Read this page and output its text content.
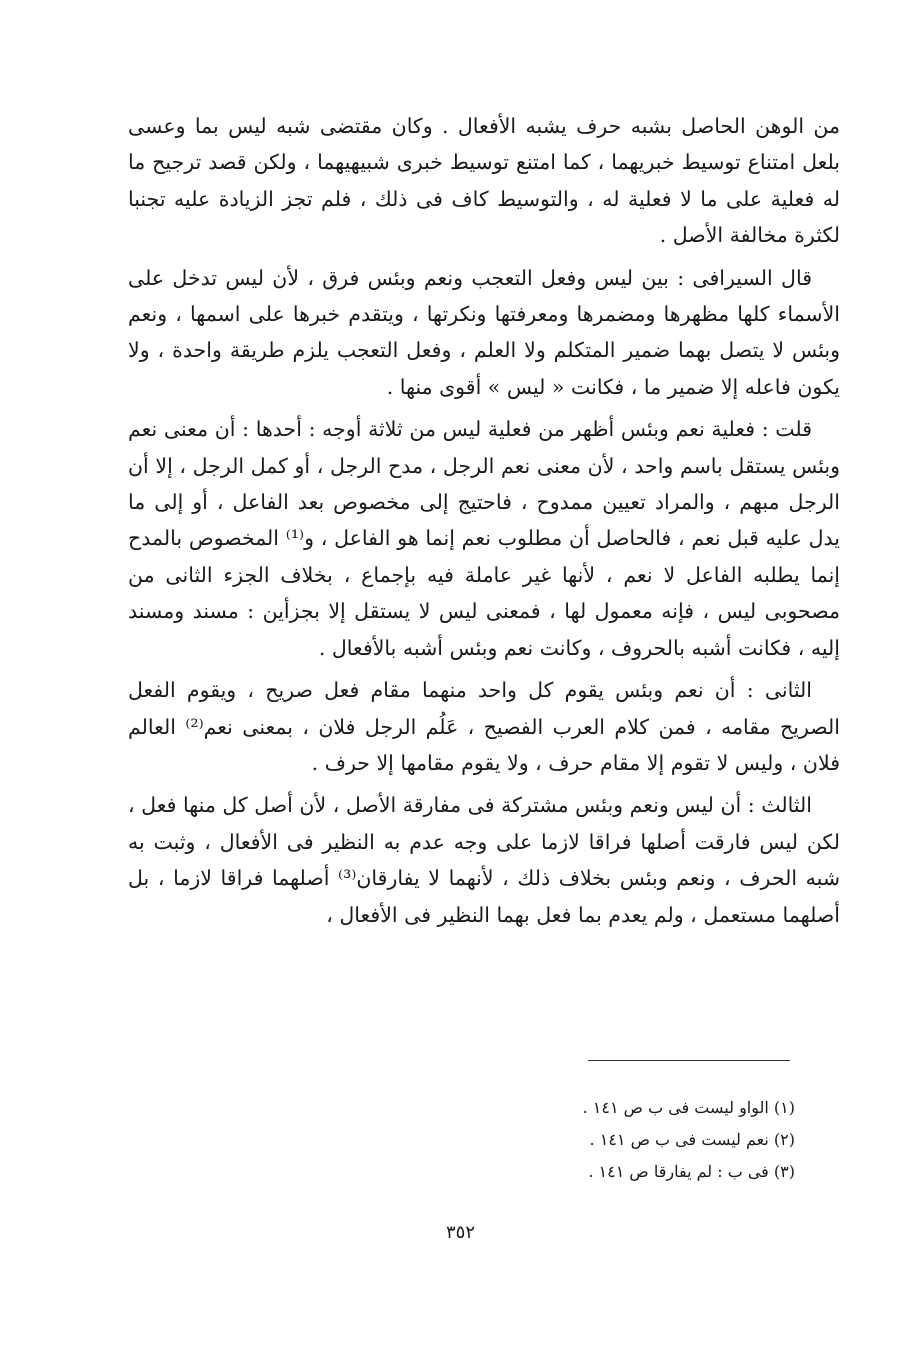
من الوهن الحاصل بشبه حرف يشبه الأفعال . وكان مقتضى شبه ليس بما وعسى بلعل امتناع توسيط خبريهما ، كما امتنع توسيط خبرى شبيهيهما ، ولكن قصد ترجيح ما له فعلية على ما لا فعلية له ، والتوسيط كاف فى ذلك ، فلم تجز الزيادة عليه تجنبا لكثرة مخالفة الأصل .

قال السيرافى : بين ليس وفعل التعجب ونعم وبئس فرق ، لأن ليس تدخل على الأسماء كلها مظهرها ومضمرها ومعرفتها ونكرتها ، ويتقدم خبرها على اسمها ، ونعم وبئس لا يتصل بهما ضمير المتكلم ولا العلم ، وفعل التعجب يلزم طريقة واحدة ، ولا يكون فاعله إلا ضمير ما ، فكانت « ليس » أقوى منها .

قلت : فعلية نعم وبئس أظهر من فعلية ليس من ثلاثة أوجه : أحدها : أن معنى نعم وبئس يستقل باسم واحد ، لأن معنى نعم الرجل ، مدح الرجل ، أو كمل الرجل ، إلا أن الرجل مبهم ، والمراد تعيين ممدوح ، فاحتيج إلى مخصوص بعد الفاعل ، أو إلى ما يدل عليه قبل نعم ، فالحاصل أن مطلوب نعم إنما هو الفاعل ، و⁽¹⁾ المخصوص بالمدح إنما يطلبه الفاعل لا نعم ، لأنها غير عاملة فيه بإجماع ، بخلاف الجزء الثانى من مصحوبى ليس ، فإنه معمول لها ، فمعنى ليس لا يستقل إلا بجزأين : مسند ومسند إليه ، فكانت أشبه بالحروف ، وكانت نعم وبئس أشبه بالأفعال .

الثانى : أن نعم وبئس يقوم كل واحد منهما مقام فعل صريح ، ويقوم الفعل الصريح مقامه ، فمن كلام العرب الفصيح ، عَلُم الرجل فلان ، بمعنى نعم⁽²⁾ العالم فلان ، وليس لا تقوم إلا مقام حرف ، ولا يقوم مقامها إلا حرف .

الثالث : أن ليس ونعم وبئس مشتركة فى مفارقة الأصل ، لأن أصل كل منها فعل ، لكن ليس فارقت أصلها فراقا لازما على وجه عدم به النظير فى الأفعال ، وثبت به شبه الحرف ، ونعم وبئس بخلاف ذلك ، لأنهما لا يفارقان⁽³⁾ أصلهما فراقا لازما ، بل أصلهما مستعمل ، ولم يعدم بما فعل بهما النظير فى الأفعال ،

(١) الواو ليست فى ب ص ١٤١ .

(٢) نعم ليست فى ب ص ١٤١ .

(٣) فى ب : لم يفارقا ص ١٤١ .

٣٥٢
